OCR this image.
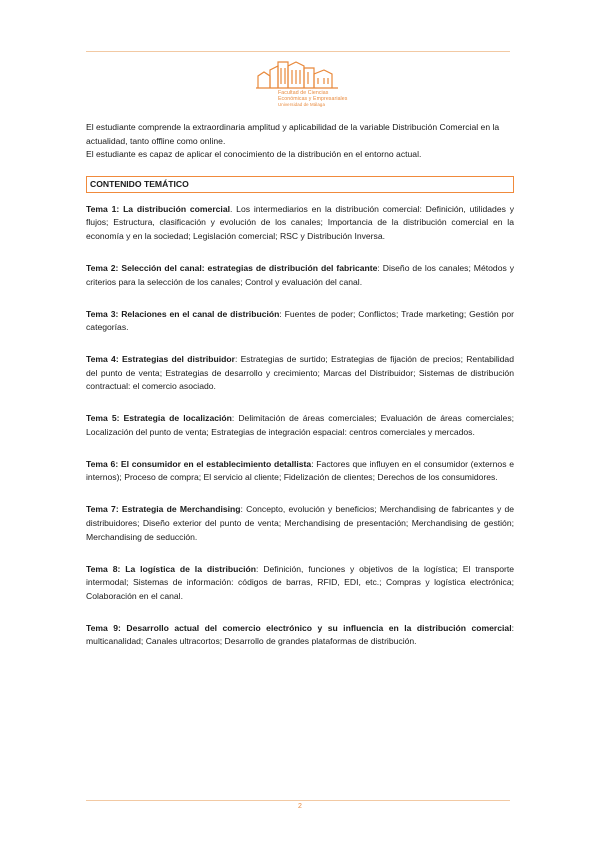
Facultad de Ciencias
Económicas y Empresariales
Universidad de Málaga

El estudiante comprende la extraordinaria amplitud y aplicabilidad de la variable Distribución Comercial en la actualidad, tanto offline como online.

El estudiante es capaz de aplicar el conocimiento de la distribución en el entorno actual.

CONTENIDO TEMÁTICO

Tema 1: La distribución comercial. Los intermediarios en la distribución comercial: Definición, utilidades y flujos; Estructura, clasificación y evolución de los canales; Importancia de la distribución comercial en la economía y en la sociedad; Legislación comercial; RSC y Distribución Inversa.

Tema 2: Selección del canal: estrategias de distribución del fabricante: Diseño de los canales; Métodos y criterios para la selección de los canales; Control y evaluación del canal.

Tema 3: Relaciones en el canal de distribución: Fuentes de poder; Conflictos; Trade marketing; Gestión por categorías.

Tema 4: Estrategias del distribuidor: Estrategias de surtido; Estrategias de fijación de precios; Rentabilidad del punto de venta; Estrategias de desarrollo y crecimiento; Marcas del Distribuidor; Sistemas de distribución contractual: el comercio asociado.

Tema 5: Estrategia de localización: Delimitación de áreas comerciales; Evaluación de áreas comerciales; Localización del punto de venta; Estrategias de integración espacial: centros comerciales y mercados.

Tema 6: El consumidor en el establecimiento detallista: Factores que influyen en el consumidor (externos e internos); Proceso de compra; El servicio al cliente; Fidelización de clientes; Derechos de los consumidores.

Tema 7: Estrategia de Merchandising: Concepto, evolución y beneficios; Merchandising de fabricantes y de distribuidores; Diseño exterior del punto de venta; Merchandising de presentación; Merchandising de gestión; Merchandising de seducción.

Tema 8: La logística de la distribución: Definición, funciones y objetivos de la logística; El transporte intermodal; Sistemas de información: códigos de barras, RFID, EDI, etc.; Compras y logística electrónica; Colaboración en el canal.

Tema 9: Desarrollo actual del comercio electrónico y su influencia en la distribución comercial: multicanalidad; Canales ultracortos; Desarrollo de grandes plataformas de distribución.

2
